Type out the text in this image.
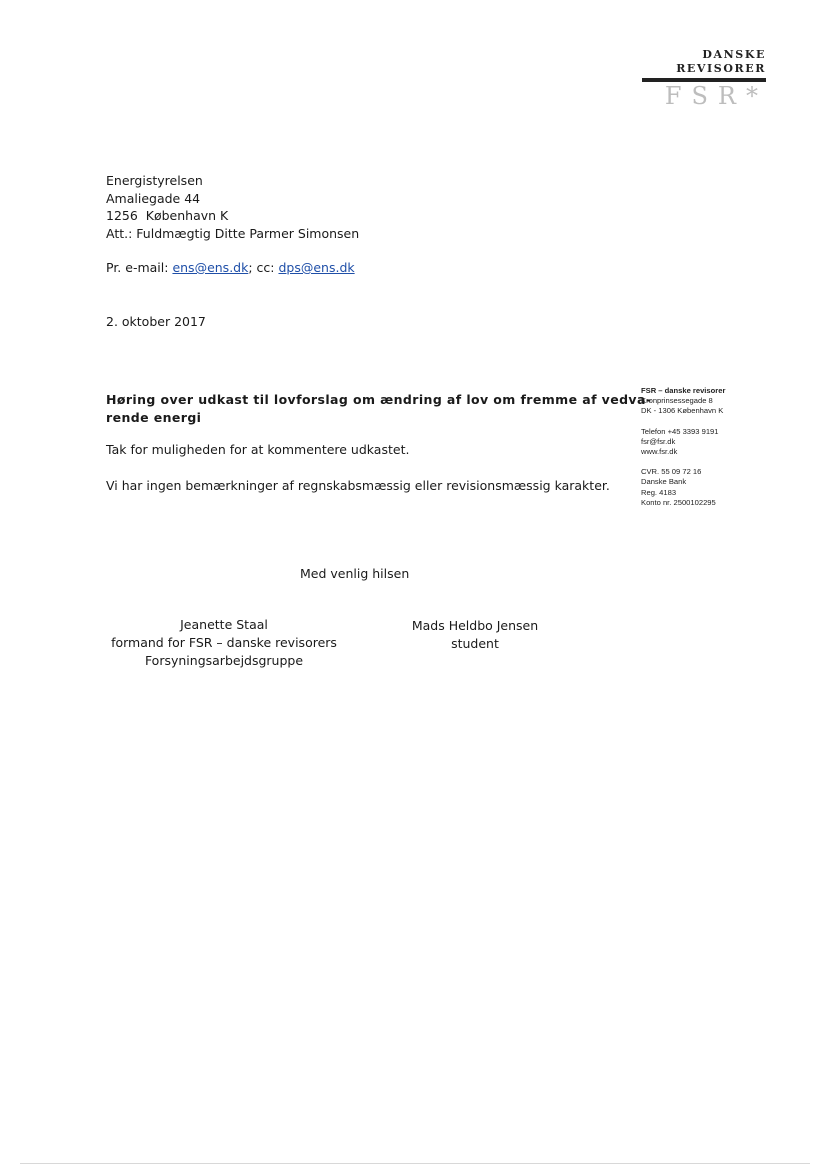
DANSKE
REVISORER
FSR*
Energistyrelsen
Amaliegade 44
1256  København K
Att.: Fuldmægtig Ditte Parmer Simonsen
Pr. e-mail: ens@ens.dk; cc: dps@ens.dk
2. oktober 2017
Høring over udkast til lovforslag om ændring af lov om fremme af vedva-
rende energi
Tak for muligheden for at kommentere udkastet.
Vi har ingen bemærkninger af regnskabsmæssig eller revisionsmæssig karakter.
FSR – danske revisorer
Kronprinsessegade 8
DK - 1306 København K
Telefon +45 3393 9191
fsr@fsr.dk
www.fsr.dk
CVR. 55 09 72 16
Danske Bank
Reg. 4183
Konto nr. 2500102295
Med venlig hilsen
Jeanette Staal
formand for FSR – danske revisorers
Forsyningsarbejdsgruppe
Mads Heldbo Jensen
student
